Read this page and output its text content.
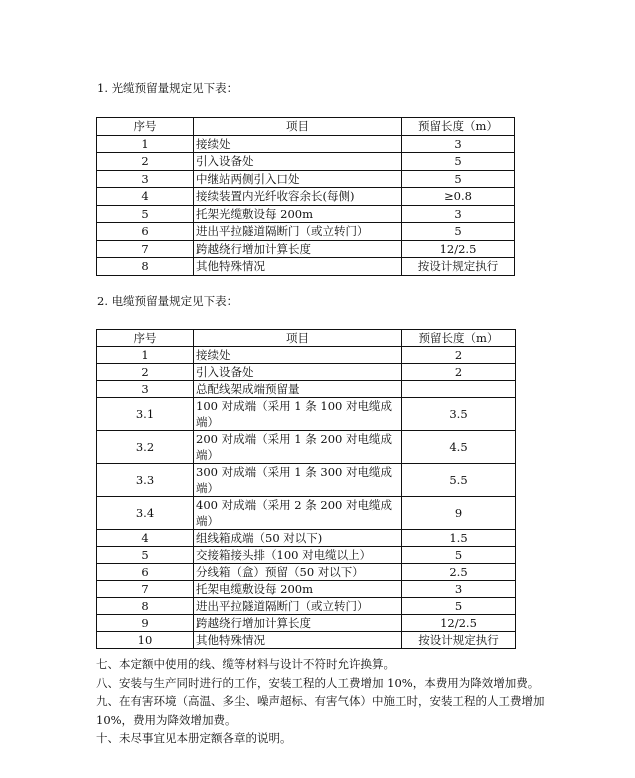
1. 光缆预留量规定见下表：
序号	项目	预留长度（m）
1	接续处	3
2	引入设备处	5
3	中继站两侧引入口处	5
4	接续装置内光纤收容余长(每侧)	≥0.8
5	托架光缆敷设每 200m	3
6	进出平拉隧道隔断门（或立转门）	5
7	跨越绕行增加计算长度	12/2.5
8	其他特殊情况	按设计规定执行
2. 电缆预留量规定见下表：
序号	项目	预留长度（m）
1	接续处	2
2	引入设备处	2
3	总配线架成端预留量	
3.1	100 对成端（采用 1 条 100 对电缆成端）	3.5
3.2	200 对成端（采用 1 条 200 对电缆成端）	4.5
3.3	300 对成端（采用 1 条 300 对电缆成端）	5.5
3.4	400 对成端（采用 2 条 200 对电缆成端）	9
4	组线箱成端（50 对以下)	1.5
5	交接箱接头排（100 对电缆以上）	5
6	分线箱（盒）预留（50 对以下）	2.5
7	托架电缆敷设每 200m	3
8	进出平拉隧道隔断门（或立转门）	5
9	跨越绕行增加计算长度	12/2.5
10	其他特殊情况	按设计规定执行

七、本定额中使用的线、缆等材料与设计不符时允许换算。

八、安装与生产同时进行的工作，安装工程的人工费增加 10%，本费用为降效增加费。

九、在有害环境（高温、多尘、噪声超标、有害气体）中施工时，安装工程的人工费增加 10%，费用为降效增加费。

十、未尽事宜见本册定额各章的说明。
